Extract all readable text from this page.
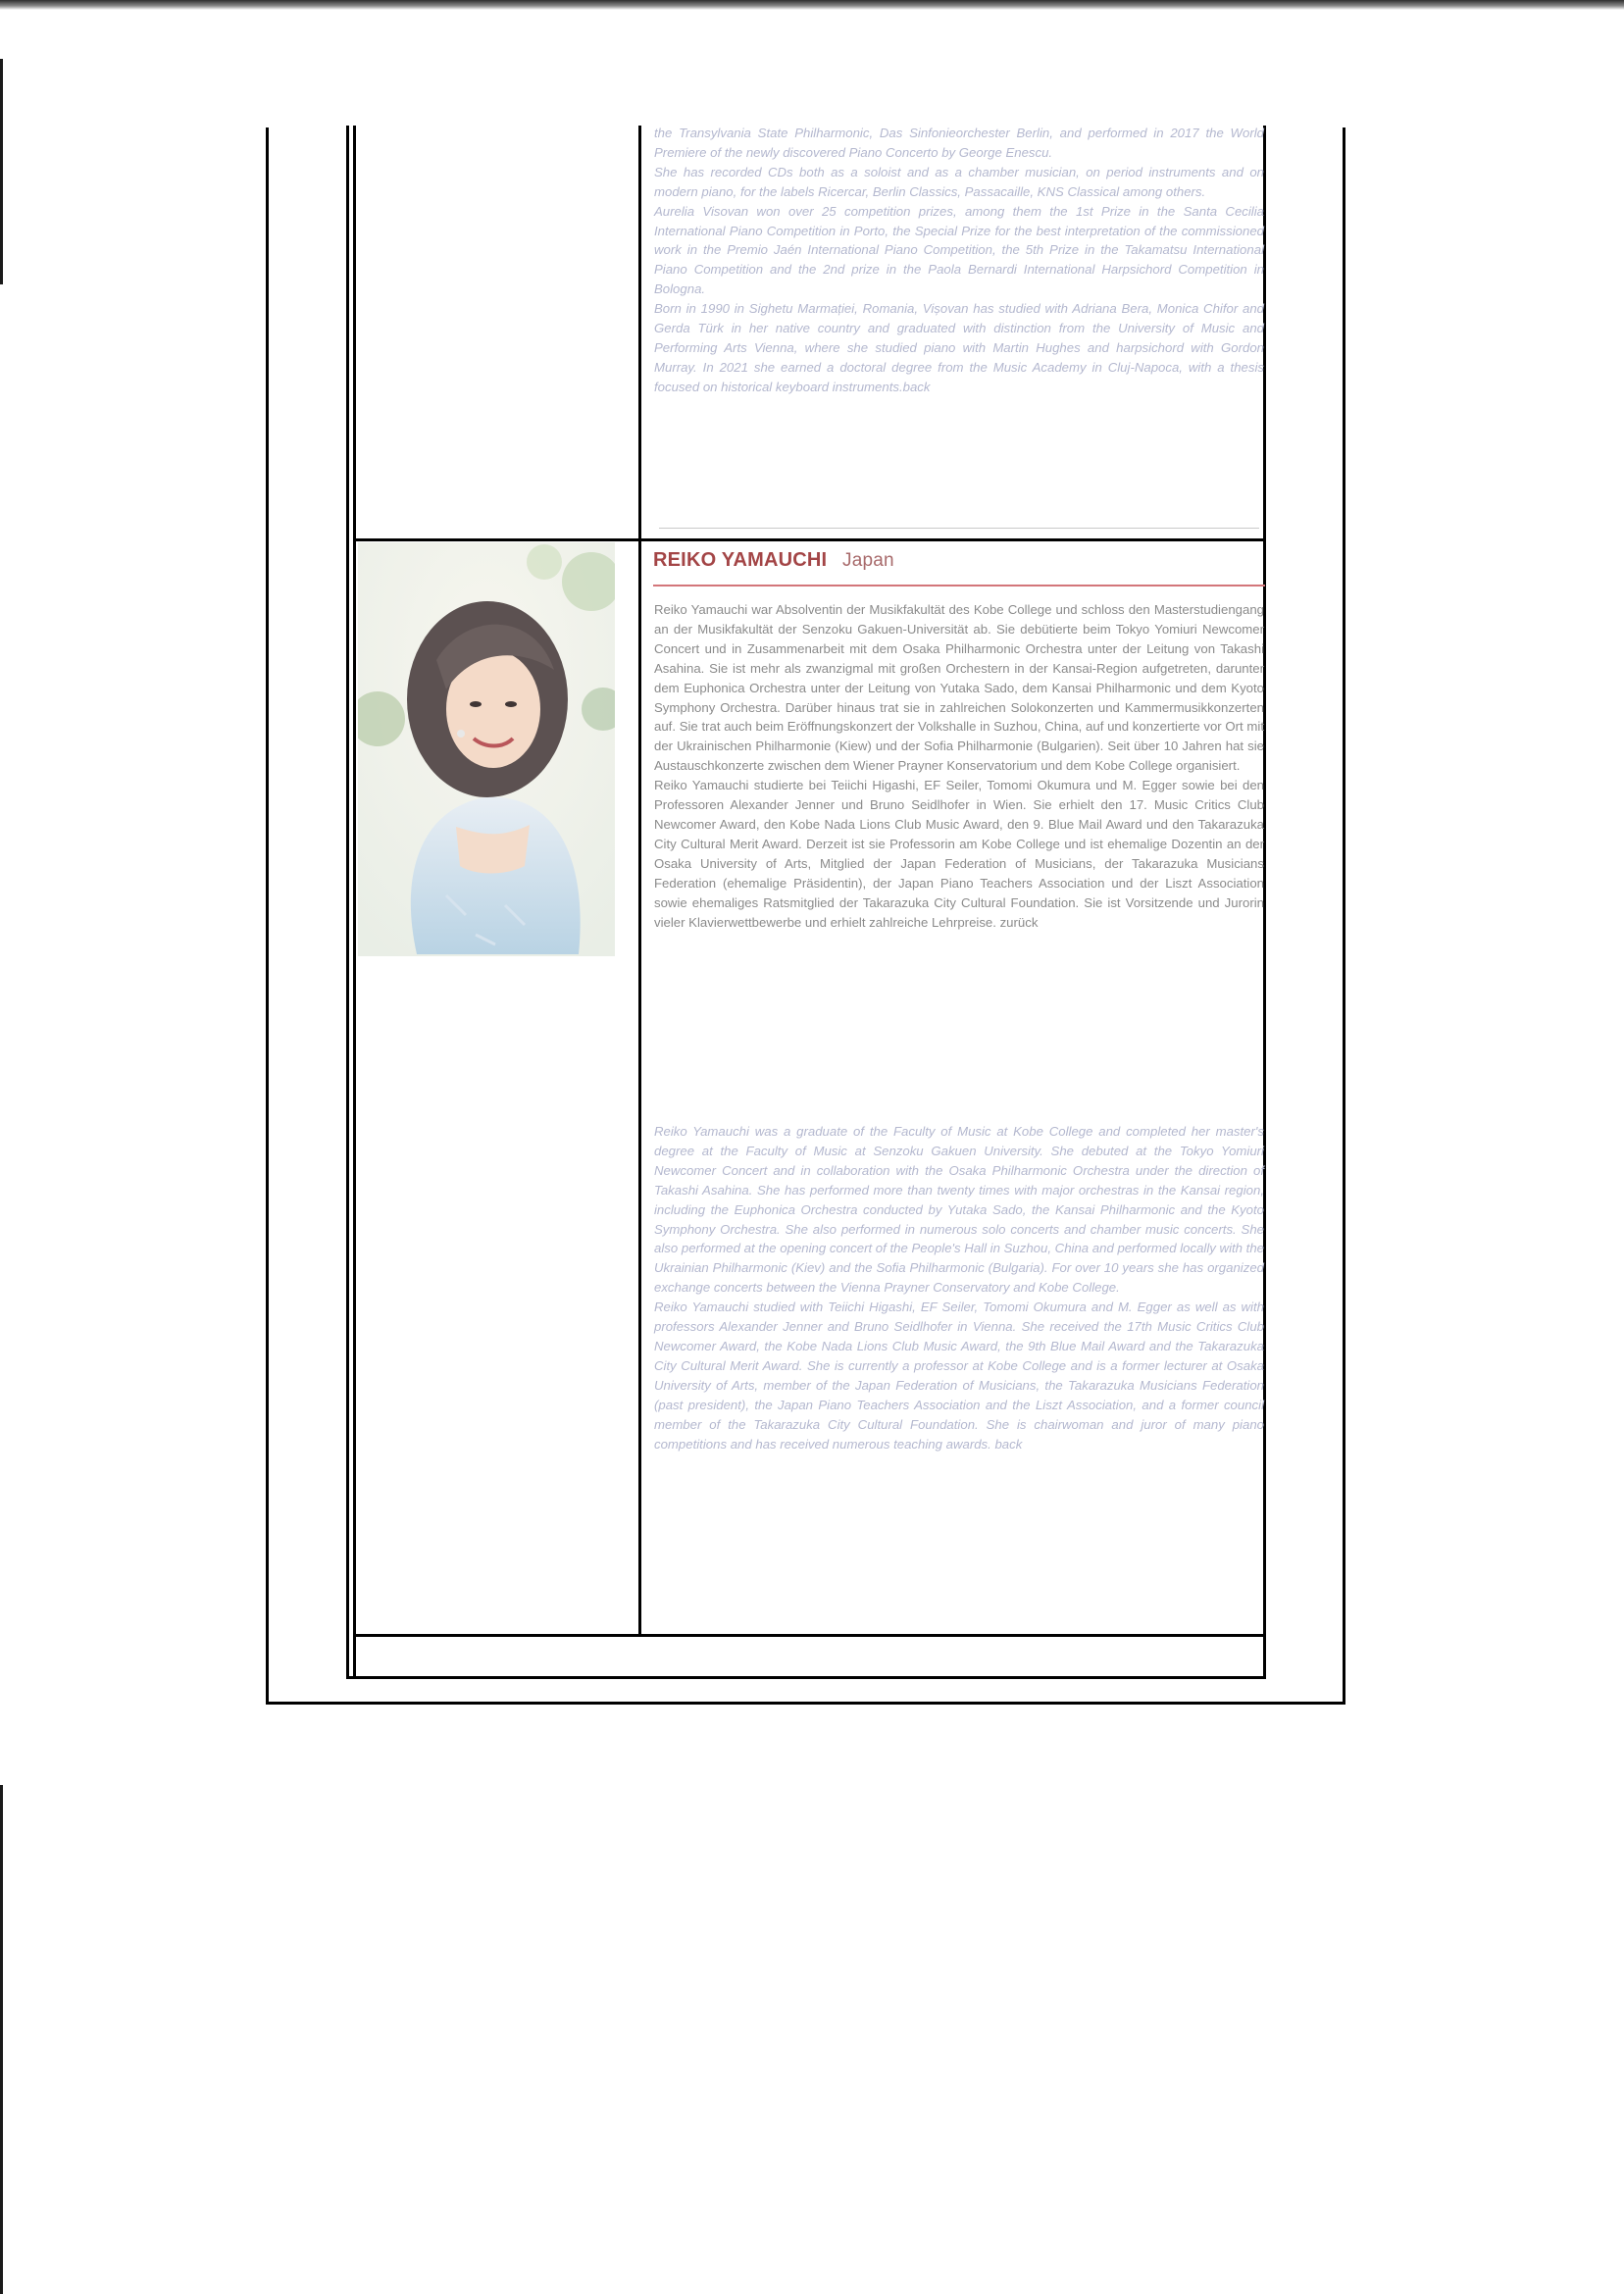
the Transylvania State Philharmonic, Das Sinfonieorchester Berlin, and performed in 2017 the World Premiere of the newly discovered Piano Concerto by George Enescu.

She has recorded CDs both as a soloist and as a chamber musician, on period instruments and on modern piano, for the labels Ricercar, Berlin Classics, Passacaille, KNS Classical among others.

Aurelia Visovan won over 25 competition prizes, among them the 1st Prize in the Santa Cecilia International Piano Competition in Porto, the Special Prize for the best interpretation of the commissioned work in the Premio Jaén International Piano Competition, the 5th Prize in the Takamatsu International Piano Competition and the 2nd prize in the Paola Bernardi International Harpsichord Competition in Bologna.

Born in 1990 in Sighetu Marmației, Romania, Vișovan has studied with Adriana Bera, Monica Chifor and Gerda Türk in her native country and graduated with distinction from the University of Music and Performing Arts Vienna, where she studied piano with Martin Hughes and harpsichord with Gordon Murray. In 2021 she earned a doctoral degree from the Music Academy in Cluj-Napoca, with a thesis focused on historical keyboard instruments.back

REIKO YAMAUCHI Japan

Reiko Yamauchi war Absolventin der Musikfakultät des Kobe College und schloss den Masterstudiengang an der Musikfakultät der Senzoku Gakuen-Universität ab. Sie debütierte beim Tokyo Yomiuri Newcomer Concert und in Zusammenarbeit mit dem Osaka Philharmonic Orchestra unter der Leitung von Takashi Asahina. Sie ist mehr als zwanzigmal mit großen Orchestern in der Kansai-Region aufgetreten, darunter dem Euphonica Orchestra unter der Leitung von Yutaka Sado, dem Kansai Philharmonic und dem Kyoto Symphony Orchestra. Darüber hinaus trat sie in zahlreichen Solokonzerten und Kammermusikkonzerten auf. Sie trat auch beim Eröffnungskonzert der Volkshalle in Suzhou, China, auf und konzertierte vor Ort mit der Ukrainischen Philharmonie (Kiew) und der Sofia Philharmonie (Bulgarien). Seit über 10 Jahren hat sie Austauschkonzerte zwischen dem Wiener Prayner Konservatorium und dem Kobe College organisiert.

Reiko Yamauchi studierte bei Teiichi Higashi, EF Seiler, Tomomi Okumura und M. Egger sowie bei den Professoren Alexander Jenner und Bruno Seidlhofer in Wien. Sie erhielt den 17. Music Critics Club Newcomer Award, den Kobe Nada Lions Club Music Award, den 9. Blue Mail Award und den Takarazuka City Cultural Merit Award. Derzeit ist sie Professorin am Kobe College und ist ehemalige Dozentin an der Osaka University of Arts, Mitglied der Japan Federation of Musicians, der Takarazuka Musicians Federation (ehemalige Präsidentin), der Japan Piano Teachers Association und der Liszt Association sowie ehemaliges Ratsmitglied der Takarazuka City Cultural Foundation. Sie ist Vorsitzende und Jurorin vieler Klavierwettbewerbe und erhielt zahlreiche Lehrpreise. zurück

Reiko Yamauchi was a graduate of the Faculty of Music at Kobe College and completed her master's degree at the Faculty of Music at Senzoku Gakuen University. She debuted at the Tokyo Yomiuri Newcomer Concert and in collaboration with the Osaka Philharmonic Orchestra under the direction of Takashi Asahina. She has performed more than twenty times with major orchestras in the Kansai region, including the Euphonica Orchestra conducted by Yutaka Sado, the Kansai Philharmonic and the Kyoto Symphony Orchestra. She also performed in numerous solo concerts and chamber music concerts. She also performed at the opening concert of the People's Hall in Suzhou, China and performed locally with the Ukrainian Philharmonic (Kiev) and the Sofia Philharmonic (Bulgaria). For over 10 years she has organized exchange concerts between the Vienna Prayner Conservatory and Kobe College.

Reiko Yamauchi studied with Teiichi Higashi, EF Seiler, Tomomi Okumura and M. Egger as well as with professors Alexander Jenner and Bruno Seidlhofer in Vienna. She received the 17th Music Critics Club Newcomer Award, the Kobe Nada Lions Club Music Award, the 9th Blue Mail Award and the Takarazuka City Cultural Merit Award. She is currently a professor at Kobe College and is a former lecturer at Osaka University of Arts, member of the Japan Federation of Musicians, the Takarazuka Musicians Federation (past president), the Japan Piano Teachers Association and the Liszt Association, and a former council member of the Takarazuka City Cultural Foundation. She is chairwoman and juror of many piano competitions and has received numerous teaching awards. back
